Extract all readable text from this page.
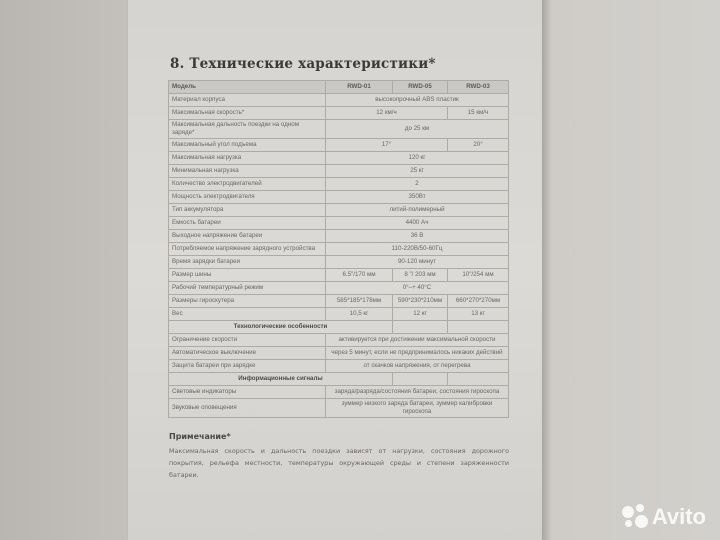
8. Технические характеристики*
Модель	RWD-01	RWD-05	RWD-03
Материал корпуса	высокопрочный ABS пластик		
Максимальная скорость*	12 км/ч		15 км/ч
Максимальная дальность поездки на одном заряде*	до 25 км		
Максимальный угол подъема	17°		20°
Максимальная нагрузка	120 кг		
Минимальная нагрузка	25 кг		
Количество электродвигателей	2		
Мощность электродвигателя	350Вт		
Тип аккумулятора	литий-полимерный		
Емкость батареи	4400 Ач		
Выходное напряжение батареи	36 В		
Потребляемое напряжение зарядного устройства	110-220В/50-60Гц		
Время зарядки батареи	90-120 минут		
Размер шины	6.5"/170 мм	8 "/ 203 мм	10"/254 мм
Рабочий температурный режим	0°–+ 40°С		
Размеры гироскутера	585*185*178мм	590*230*210мм	660*270*270мм
Вес	10,5 кг	12 кг	13 кг
Технологические особенности			
Ограничение скорости	активируется при достижении максимальной скорости		
Автоматическое выключение	через 5 минут, если не предпринималось никаких действий		
Защита батареи при зарядке	от скачков напряжения, от перегрева		
Информационные сигналы			
Световые индикаторы	заряда/разряда/состояния батареи, состояния гироскопа		
Звуковые оповещения	зуммер низкого заряда батареи, зуммер калибровки гироскопа		
Примечание*
Максимальная скорость и дальность поездки зависят от нагрузки, состояния дорожного покрытия, рельефа местности, температуры окружающей среды и степени заряженности батареи.
Avito
